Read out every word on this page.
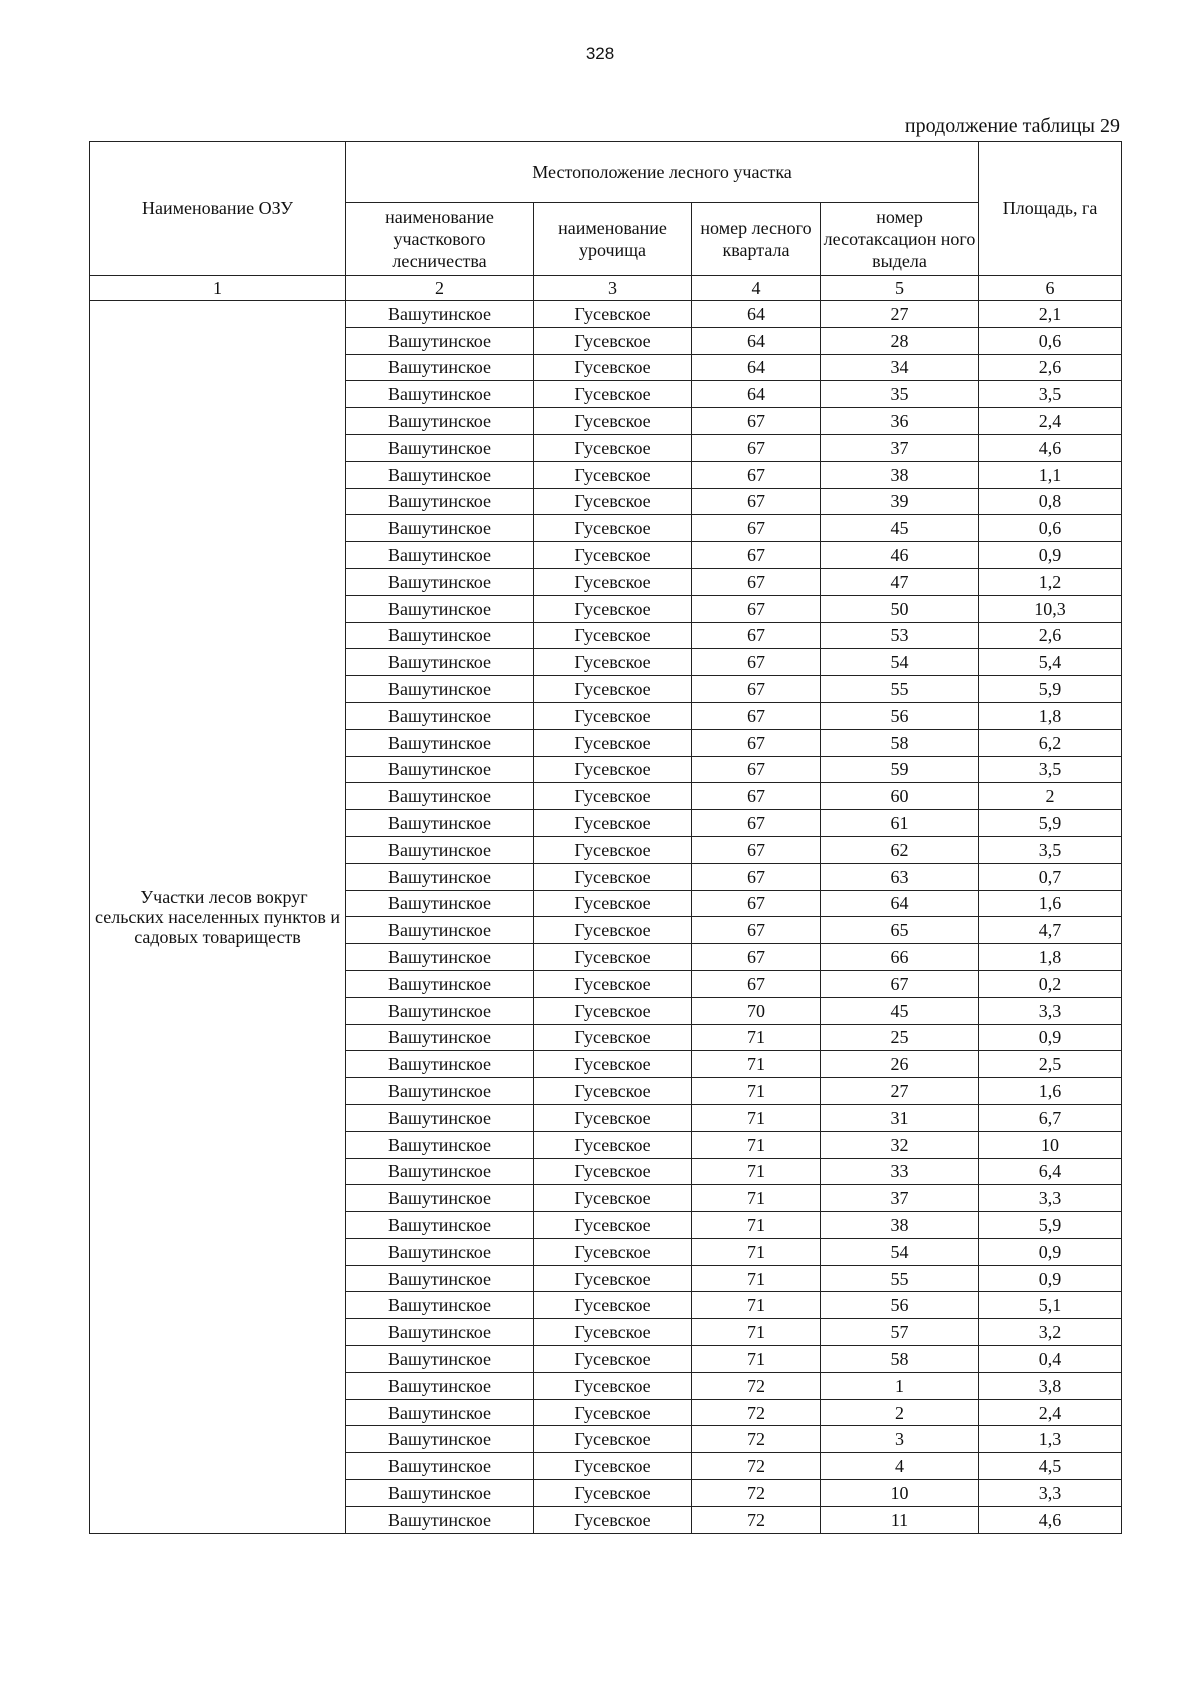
328
продолжение таблицы 29
Наименование ОЗУ	Местоположение лесного участка				Площадь, га
	наименование участкового лесничества	наименование урочища	номер лесного квартала	номер лесотаксацион ного выдела	
1	2	3	4	5	6

Участки лесов вокруг
сельских населенных пунктов и садовых товариществ	Вашутинское	Гусевское	64	27	2,1
	Вашутинское	Гусевское	64	28	0,6
	Вашутинское	Гусевское	64	34	2,6
	Вашутинское	Гусевское	64	35	3,5
	Вашутинское	Гусевское	67	36	2,4
	Вашутинское	Гусевское	67	37	4,6
	Вашутинское	Гусевское	67	38	1,1
	Вашутинское	Гусевское	67	39	0,8
	Вашутинское	Гусевское	67	45	0,6
	Вашутинское	Гусевское	67	46	0,9
	Вашутинское	Гусевское	67	47	1,2
	Вашутинское	Гусевское	67	50	10,3
	Вашутинское	Гусевское	67	53	2,6
	Вашутинское	Гусевское	67	54	5,4
	Вашутинское	Гусевское	67	55	5,9
	Вашутинское	Гусевское	67	56	1,8
	Вашутинское	Гусевское	67	58	6,2
	Вашутинское	Гусевское	67	59	3,5
	Вашутинское	Гусевское	67	60	2
	Вашутинское	Гусевское	67	61	5,9
	Вашутинское	Гусевское	67	62	3,5
	Вашутинское	Гусевское	67	63	0,7
	Вашутинское	Гусевское	67	64	1,6
	Вашутинское	Гусевское	67	65	4,7
	Вашутинское	Гусевское	67	66	1,8
	Вашутинское	Гусевское	67	67	0,2
	Вашутинское	Гусевское	70	45	3,3
	Вашутинское	Гусевское	71	25	0,9
	Вашутинское	Гусевское	71	26	2,5
	Вашутинское	Гусевское	71	27	1,6
	Вашутинское	Гусевское	71	31	6,7
	Вашутинское	Гусевское	71	32	10
	Вашутинское	Гусевское	71	33	6,4
	Вашутинское	Гусевское	71	37	3,3
	Вашутинское	Гусевское	71	38	5,9
	Вашутинское	Гусевское	71	54	0,9
	Вашутинское	Гусевское	71	55	0,9
	Вашутинское	Гусевское	71	56	5,1
	Вашутинское	Гусевское	71	57	3,2
	Вашутинское	Гусевское	71	58	0,4
	Вашутинское	Гусевское	72	1	3,8
	Вашутинское	Гусевское	72	2	2,4
	Вашутинское	Гусевское	72	3	1,3
	Вашутинское	Гусевское	72	4	4,5
	Вашутинское	Гусевское	72	10	3,3
	Вашутинское	Гусевское	72	11	4,6
